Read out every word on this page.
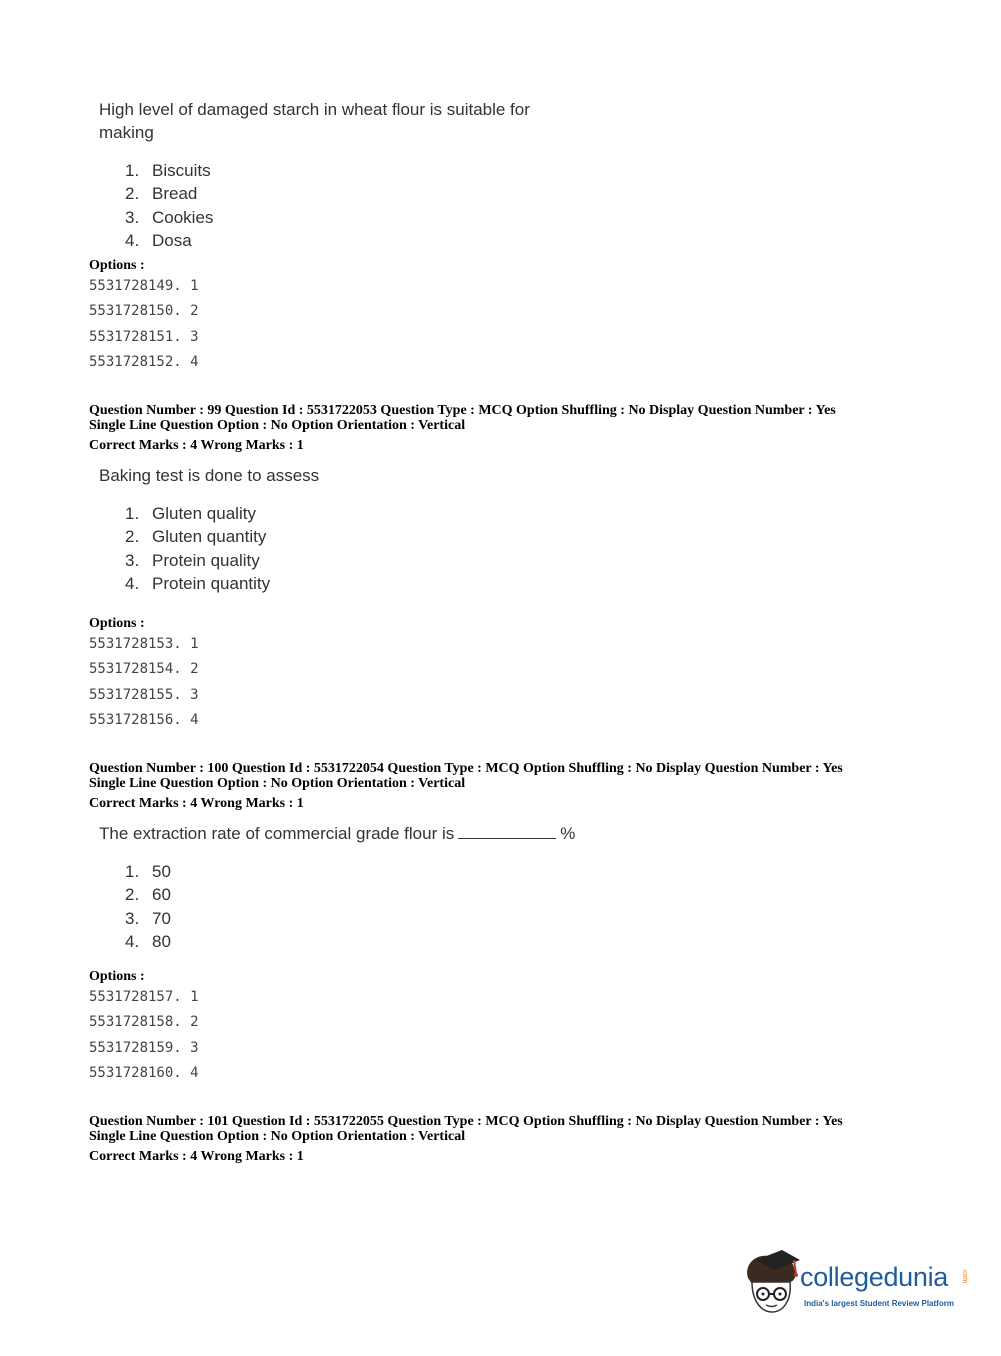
High level of damaged starch in wheat flour is suitable for making
1. Biscuits
2. Bread
3. Cookies
4. Dosa
Options :
5531728149. 1
5531728150. 2
5531728151. 3
5531728152. 4
Question Number : 99 Question Id : 5531722053 Question Type : MCQ Option Shuffling : No Display Question Number : Yes
Single Line Question Option : No Option Orientation : Vertical
Correct Marks : 4 Wrong Marks : 1
Baking test is done to assess
1. Gluten quality
2. Gluten quantity
3. Protein quality
4. Protein quantity
Options :
5531728153. 1
5531728154. 2
5531728155. 3
5531728156. 4
Question Number : 100 Question Id : 5531722054 Question Type : MCQ Option Shuffling : No Display Question Number : Yes
Single Line Question Option : No Option Orientation : Vertical
Correct Marks : 4 Wrong Marks : 1
The extraction rate of commercial grade flour is	%
1. 50
2. 60
3. 70
4. 80
Options :
5531728157. 1
5531728158. 2
5531728159. 3
5531728160. 4
Question Number : 101 Question Id : 5531722055 Question Type : MCQ Option Shuffling : No Display Question Number : Yes
Single Line Question Option : No Option Orientation : Vertical
Correct Marks : 4 Wrong Marks : 1
collegedunia .com
India's largest Student Review Platform
